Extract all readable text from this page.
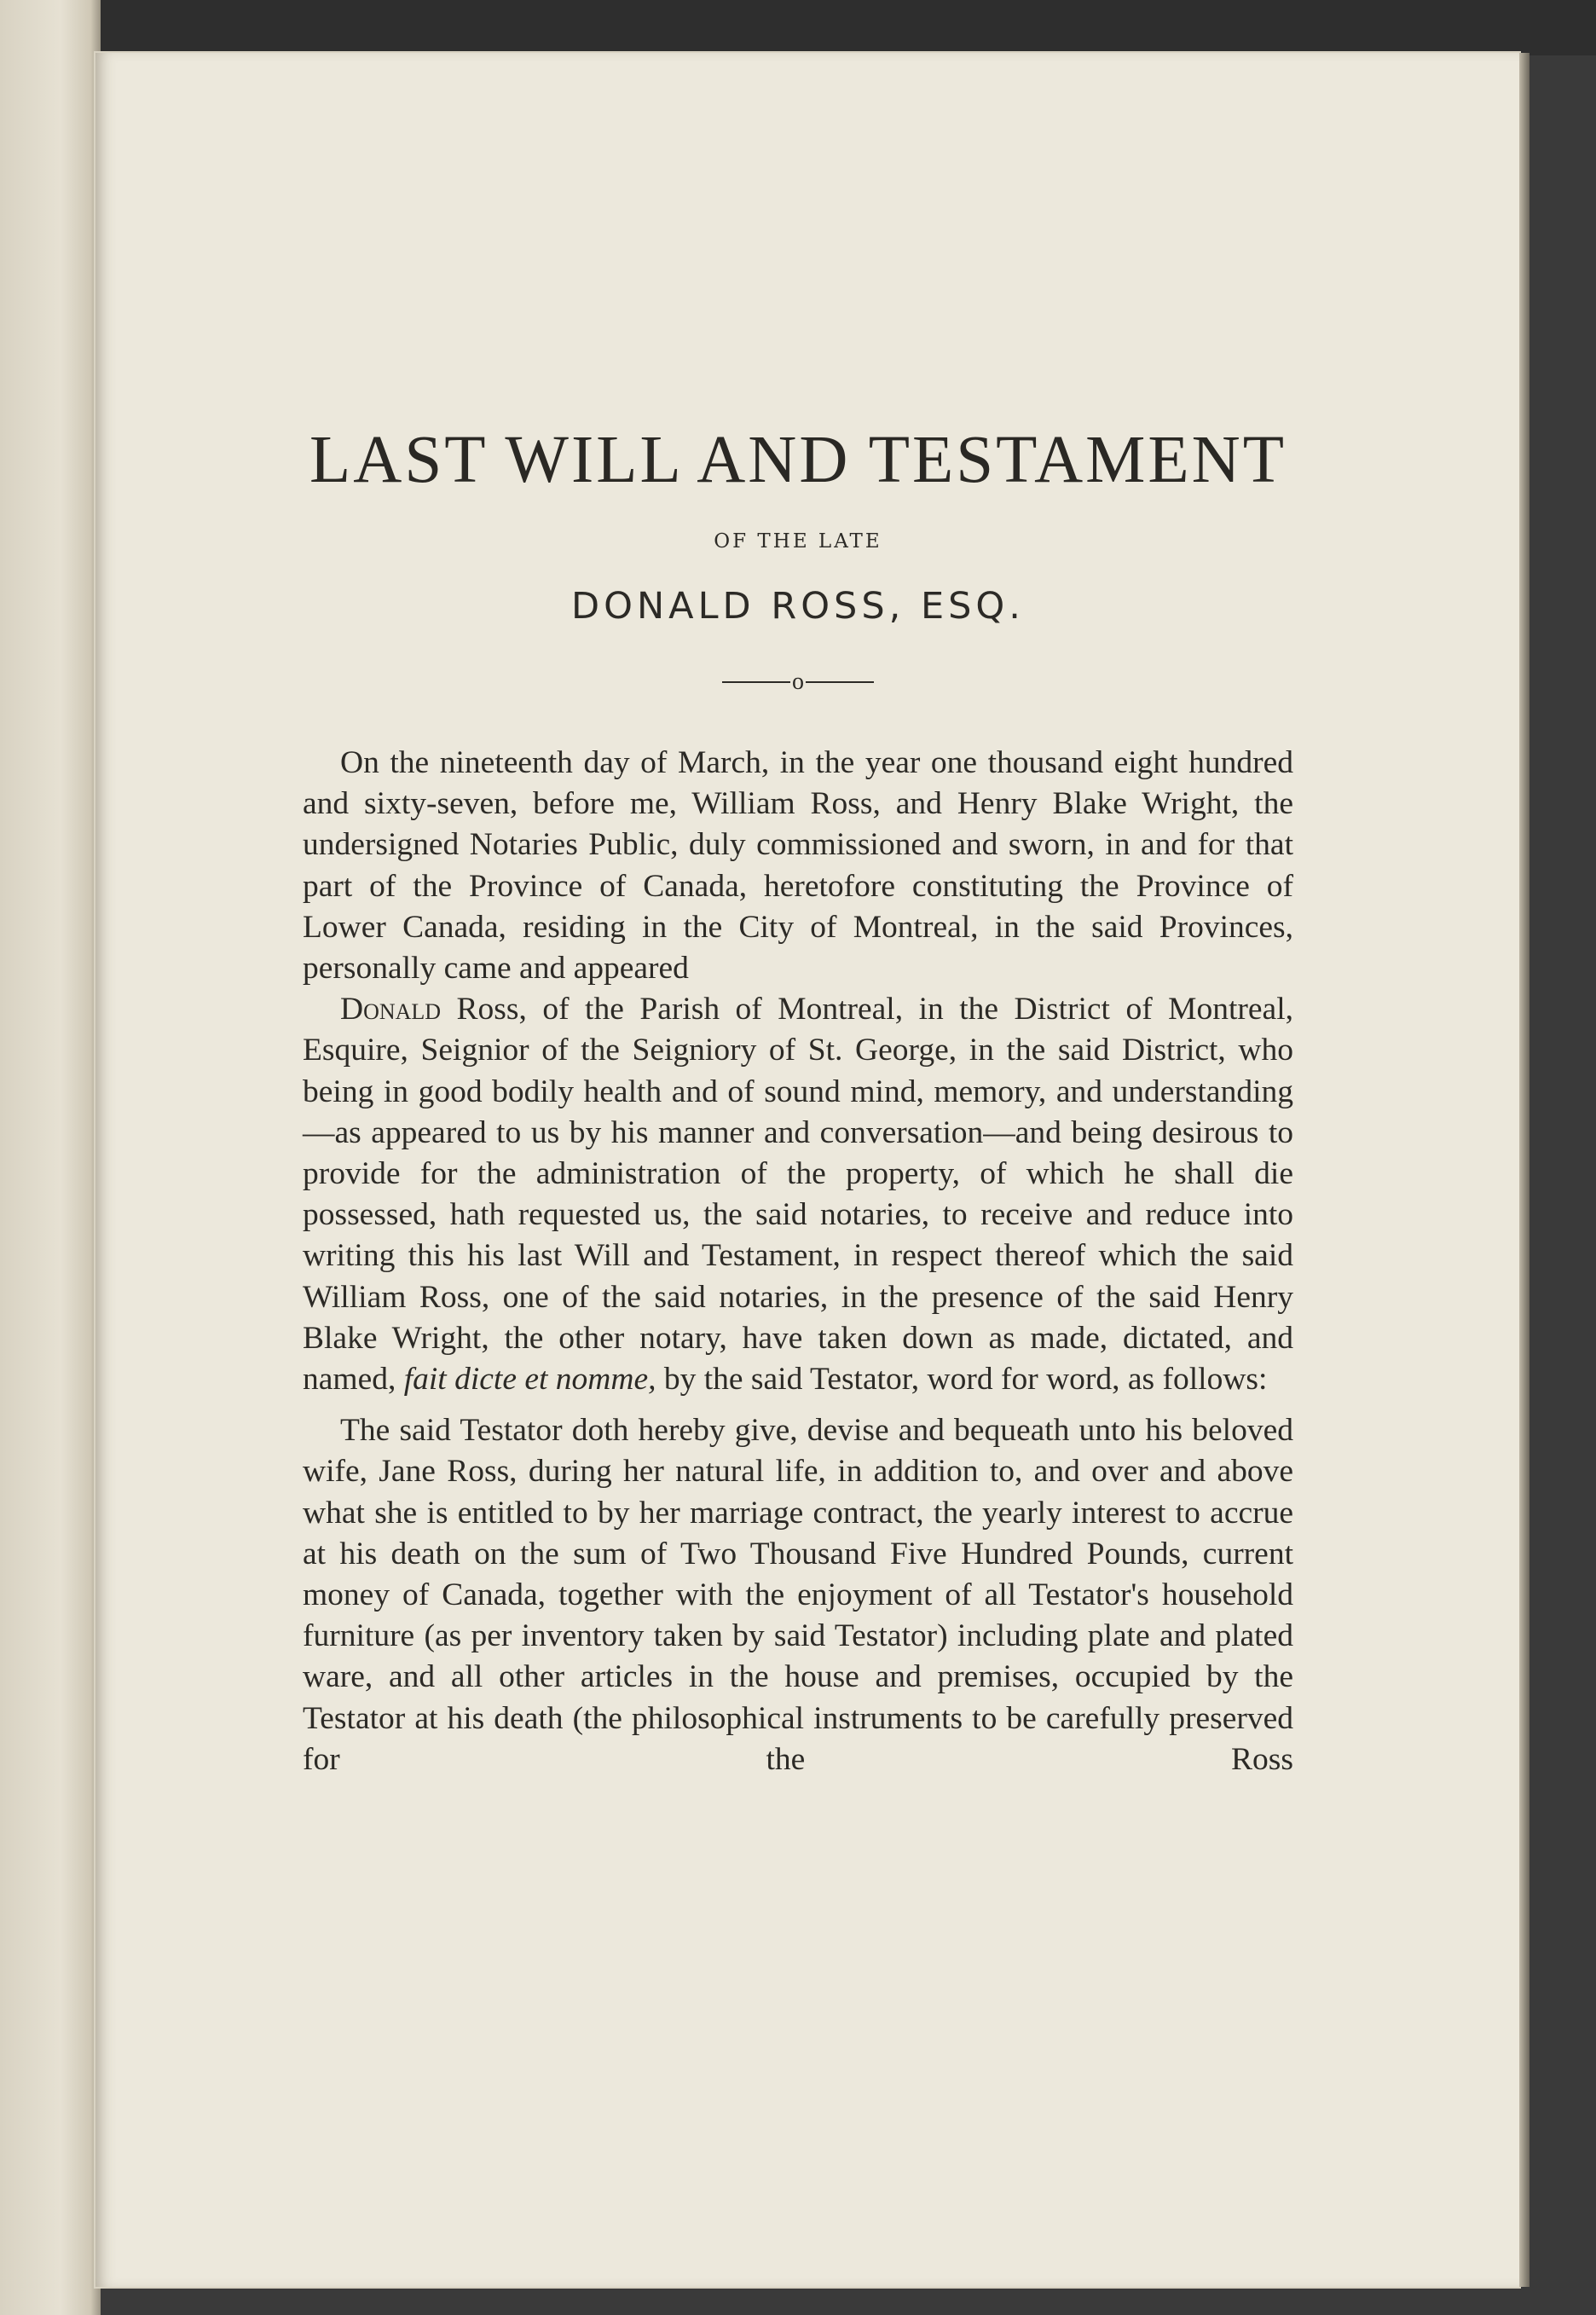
LAST WILL AND TESTAMENT
OF THE LATE
DONALD ROSS, ESQ.
o

On the nineteenth day of March, in the year one thousand eight hundred and sixty-seven, before me, William Ross, and Henry Blake Wright, the undersigned Notaries Public, duly commissioned and sworn, in and for that part of the Province of Canada, heretofore constituting the Province of Lower Canada, residing in the City of Montreal, in the said Provinces, personally came and appeared

Donald Ross, of the Parish of Montreal, in the District of Montreal, Esquire, Seignior of the Seigniory of St. George, in the said District, who being in good bodily health and of sound mind, memory, and understanding—as appeared to us by his manner and conversation—and being desirous to provide for the administration of the property, of which he shall die possessed, hath requested us, the said notaries, to receive and reduce into writing this his last Will and Testament, in respect thereof which the said William Ross, one of the said notaries, in the presence of the said Henry Blake Wright, the other notary, have taken down as made, dictated, and named, fait dicte et nomme, by the said Testator, word for word, as follows:

The said Testator doth hereby give, devise and bequeath unto his beloved wife, Jane Ross, during her natural life, in addition to, and over and above what she is entitled to by her marriage contract, the yearly interest to accrue at his death on the sum of Two Thousand Five Hundred Pounds, current money of Canada, together with the enjoyment of all Testator's household furniture (as per inventory taken by said Testator) including plate and plated ware, and all other articles in the house and premises, occupied by the Testator at his death (the philosophical instruments to be carefully preserved for the Ross
